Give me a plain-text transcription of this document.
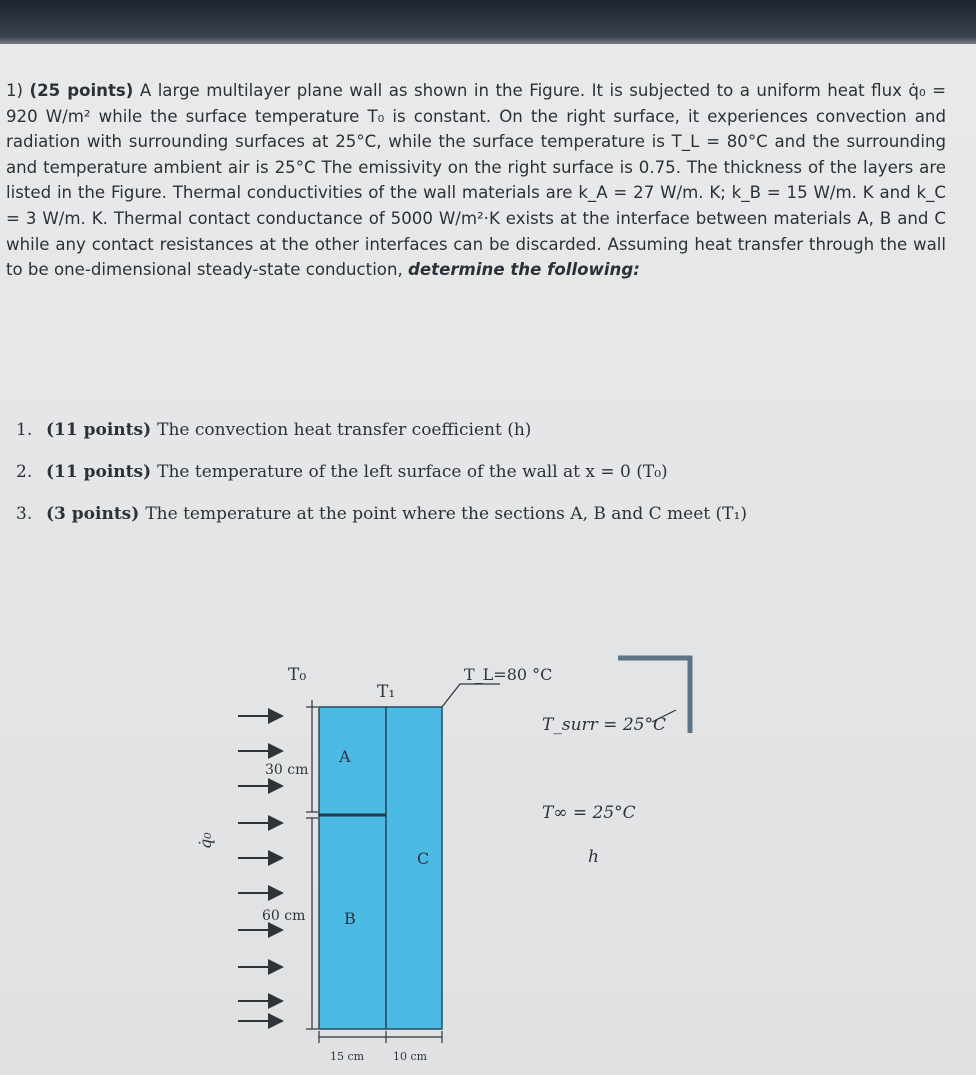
1) (25 points) A large multilayer plane wall as shown in the Figure. It is subjected to a uniform heat flux q̇₀ = 920 W/m² while the surface temperature T₀ is constant. On the right surface, it experiences convection and radiation with surrounding surfaces at 25°C, while the surface temperature is T_L = 80°C and the surrounding and temperature ambient air is 25°C The emissivity on the right surface is 0.75. The thickness of the layers are listed in the Figure. Thermal conductivities of the wall materials are k_A = 27 W/m. K; k_B = 15 W/m. K and k_C = 3 W/m. K. Thermal contact conductance of 5000 W/m²·K exists at the interface between materials A, B and C while any contact resistances at the other interfaces can be discarded. Assuming heat transfer through the wall to be one-dimensional steady-state conduction, determine the following:
1. (11 points) The convection heat transfer coefficient (h)
2. (11 points) The temperature of the left surface of the wall at x = 0 (T₀)
3. (3 points) The temperature at the point where the sections A, B and C meet (T₁)
T₀
T₁
T_L=80 °C
T_surr = 25°C
T∞ = 25°C
h
q̇₀
30 cm
60 cm
15 cm	10 cm
A
B
C
